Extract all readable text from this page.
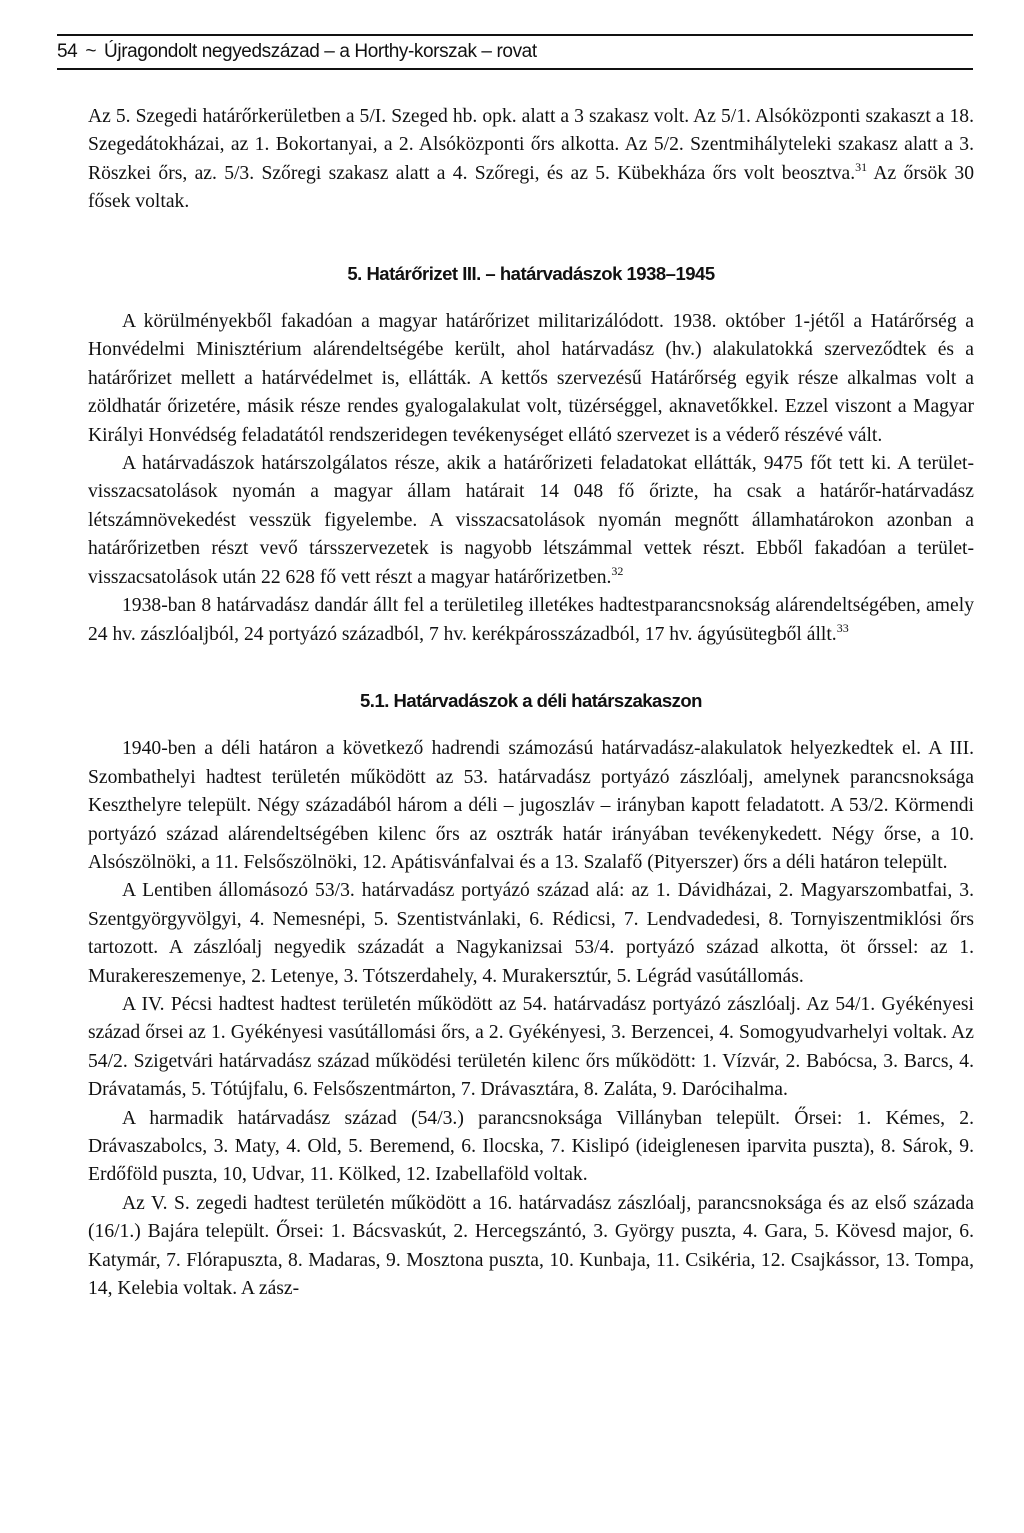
54 ~ Újragondolt negyedszázad – a Horthy-korszak – rovat

Az 5. Szegedi határőrkerületben a 5/I. Szeged hb. opk. alatt a 3 szakasz volt. Az 5/1. Alsóközponti szakaszt a 18. Szegedátokházai, az 1. Bokortanyai, a 2. Alsóközponti őrs alkotta. Az 5/2. Szentmihályteleki szakasz alatt a 3. Röszkei őrs, az. 5/3. Szőregi szakasz alatt a 4. Szőregi, és az 5. Kübekháza őrs volt beosztva.$^{31}$ Az őrsök 30 fősek voltak.

5. Határőrizet III. – határvadászok 1938–1945

A körülményekből fakadóan a magyar határőrizet militarizálódott. 1938. október 1-jétől a Határőrség a Honvédelmi Minisztérium alárendeltségébe került, ahol határvadász (hv.) alakulatokká szerveződtek és a határőrizet mellett a határvédelmet is, ellátták. A kettős szervezésű Határőrség egyik része alkalmas volt a zöldhatár őrizetére, másik része rendes gyalogalakulat volt, tüzérséggel, aknavetőkkel. Ezzel viszont a Magyar Királyi Honvédség feladatától rendszeridegen tevékenységet ellátó szervezet is a véderő részévé vált.

A határvadászok határszolgálatos része, akik a határőrizeti feladatokat ellátták, 9475 főt tett ki. A terület-visszacsatolások nyomán a magyar állam határait 14 048 fő őrizte, ha csak a határőr-határvadász létszámnövekedést vesszük figyelembe. A visszacsatolások nyomán megnőtt államhatárokon azonban a határőrizetben részt vevő társszervezetek is nagyobb létszámmal vettek részt. Ebből fakadóan a terület-visszacsatolások után 22 628 fő vett részt a magyar határőrizetben.$^{32}$

1938-ban 8 határvadász dandár állt fel a területileg illetékes hadtestparancsnokság alárendeltségében, amely 24 hv. zászlóaljból, 24 portyázó századból, 7 hv. kerékpárosszázadból, 17 hv. ágyúsütegből állt.$^{33}$

5.1. Határvadászok a déli határszakaszon

1940-ben a déli határon a következő hadrendi számozású határvadász-alakulatok helyezkedtek el. A III. Szombathelyi hadtest területén működött az 53. határvadász portyázó zászlóalj, amelynek parancsnoksága Keszthelyre települt. Négy századából három a déli – jugoszláv – irányban kapott feladatott. A 53/2. Körmendi portyázó század alárendeltségében kilenc őrs az osztrák határ irányában tevékenykedett. Négy őrse, a 10. Alsószölnöki, a 11. Felsőszölnöki, 12. Apátisvánfalvai és a 13. Szalafő (Pityerszer) őrs a déli határon települt.

A Lentiben állomásozó 53/3. határvadász portyázó század alá: az 1. Dávidházai, 2. Magyarszombatfai, 3. Szentgyörgyvölgyi, 4. Nemesnépi, 5. Szentistvánlaki, 6. Rédicsi, 7. Lendvadedesi, 8. Tornyiszentmiklósi őrs tartozott. A zászlóalj negyedik századát a Nagykanizsai 53/4. portyázó század alkotta, öt őrssel: az 1. Murakereszemenye, 2. Letenye, 3. Tótszerdahely, 4. Murakersztúr, 5. Légrád vasútállomás.

A IV. Pécsi hadtest hadtest területén működött az 54. határvadász portyázó zászlóalj. Az 54/1. Gyékényesi század őrsei az 1. Gyékényesi vasútállomási őrs, a 2. Gyékényesi, 3. Berzencei, 4. Somogyudvarhelyi voltak. Az 54/2. Szigetvári határvadász század működési területén kilenc őrs működött: 1. Vízvár, 2. Babócsa, 3. Barcs, 4. Drávatamás, 5. Tótújfalu, 6. Felsőszentmárton, 7. Drávasztára, 8. Zaláta, 9. Darócihalma.

A harmadik határvadász század (54/3.) parancsnoksága Villányban települt. Őrsei: 1. Kémes, 2. Drávaszabolcs, 3. Maty, 4. Old, 5. Beremend, 6. Ilocska, 7. Kislipó (ideiglenesen iparvita puszta), 8. Sárok, 9. Erdőföld puszta, 10, Udvar, 11. Kölked, 12. Izabellaföld voltak.

Az V. S. zegedi hadtest területén működött a 16. határvadász zászlóalj, parancsnoksága és az első százada (16/1.) Bajára települt. Őrsei: 1. Bácsvaskút, 2. Hercegszántó, 3. György puszta, 4. Gara, 5. Kövesd major, 6. Katymár, 7. Flórapuszta, 8. Madaras, 9. Mosztona puszta, 10. Kunbaja, 11. Csikéria, 12. Csajkássor, 13. Tompa, 14, Kelebia voltak. A zász-
